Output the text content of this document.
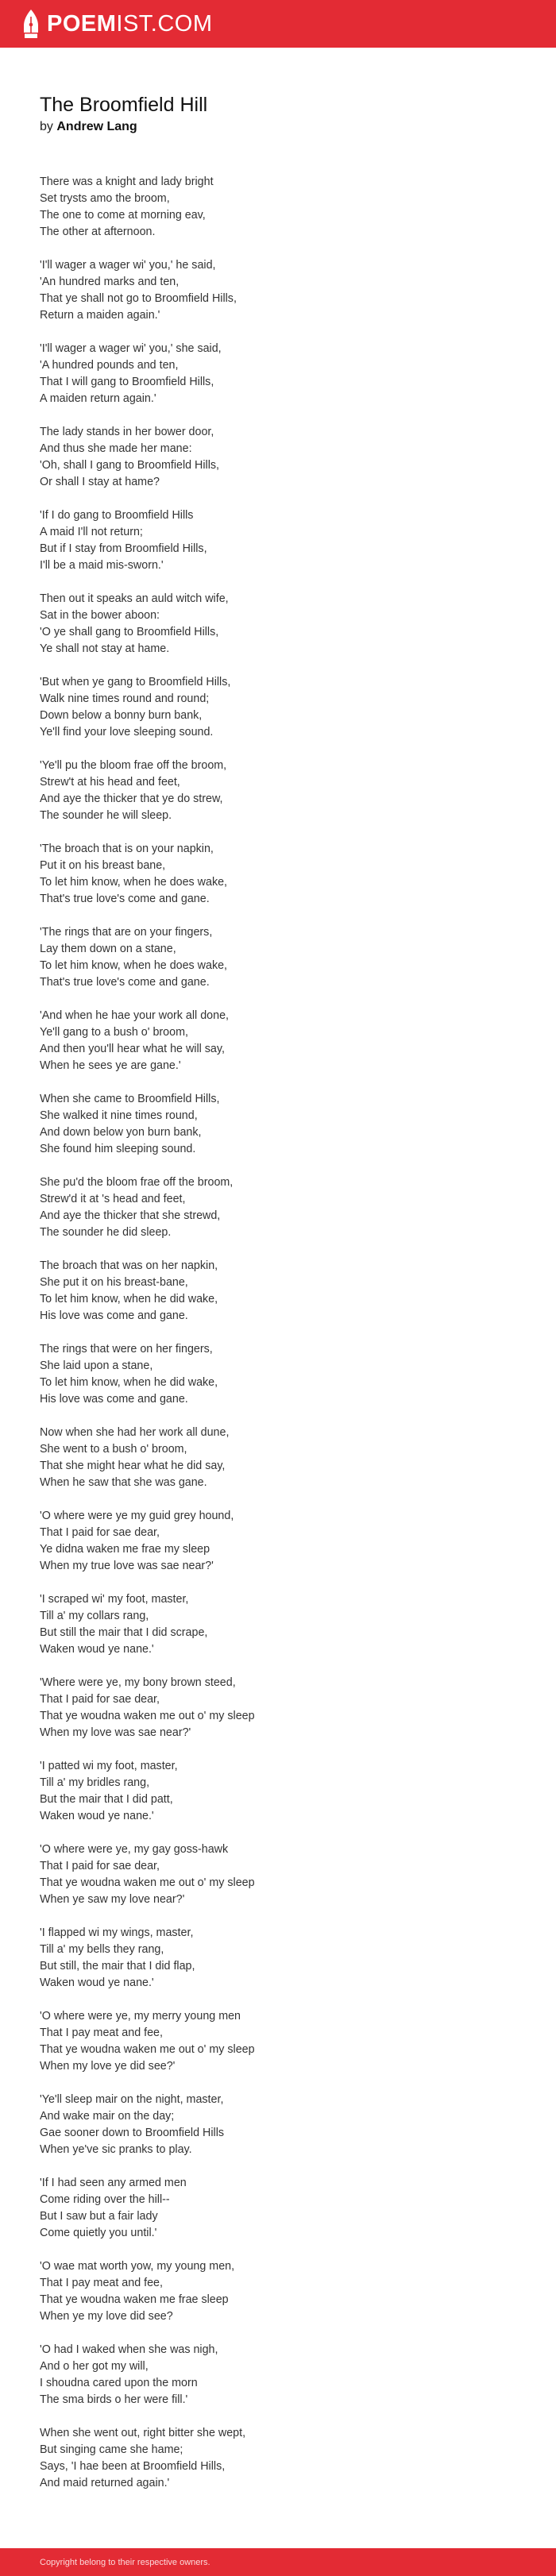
POEMIST.COM
The Broomfield Hill
by Andrew Lang
There was a knight and lady bright
Set trysts amo the broom,
The one to come at morning eav,
The other at afternoon.
'I'll wager a wager wi' you,' he said,
'An hundred marks and ten,
That ye shall not go to Broomfield Hills,
Return a maiden again.'
'I'll wager a wager wi' you,' she said,
'A hundred pounds and ten,
That I will gang to Broomfield Hills,
A maiden return again.'
The lady stands in her bower door,
And thus she made her mane:
'Oh, shall I gang to Broomfield Hills,
Or shall I stay at hame?
'If I do gang to Broomfield Hills
A maid I'll not return;
But if I stay from Broomfield Hills,
I'll be a maid mis-sworn.'
Then out it speaks an auld witch wife,
Sat in the bower aboon:
'O ye shall gang to Broomfield Hills,
Ye shall not stay at hame.
'But when ye gang to Broomfield Hills,
Walk nine times round and round;
Down below a bonny burn bank,
Ye'll find your love sleeping sound.
'Ye'll pu the bloom frae off the broom,
Strew't at his head and feet,
And aye the thicker that ye do strew,
The sounder he will sleep.
'The broach that is on your napkin,
Put it on his breast bane,
To let him know, when he does wake,
That's true love's come and gane.
'The rings that are on your fingers,
Lay them down on a stane,
To let him know, when he does wake,
That's true love's come and gane.
'And when he hae your work all done,
Ye'll gang to a bush o' broom,
And then you'll hear what he will say,
When he sees ye are gane.'
When she came to Broomfield Hills,
She walked it nine times round,
And down below yon burn bank,
She found him sleeping sound.
She pu'd the bloom frae off the broom,
Strew'd it at 's head and feet,
And aye the thicker that she strewd,
The sounder he did sleep.
The broach that was on her napkin,
She put it on his breast-bane,
To let him know, when he did wake,
His love was come and gane.
The rings that were on her fingers,
She laid upon a stane,
To let him know, when he did wake,
His love was come and gane.
Now when she had her work all dune,
She went to a bush o' broom,
That she might hear what he did say,
When he saw that she was gane.
'O where were ye my guid grey hound,
That I paid for sae dear,
Ye didna waken me frae my sleep
When my true love was sae near?'
'I scraped wi' my foot, master,
Till a' my collars rang,
But still the mair that I did scrape,
Waken woud ye nane.'
'Where were ye, my bony brown steed,
That I paid for sae dear,
That ye woudna waken me out o' my sleep
When my love was sae near?'
'I patted wi my foot, master,
Till a' my bridles rang,
But the mair that I did patt,
Waken woud ye nane.'
'O where were ye, my gay goss-hawk
That I paid for sae dear,
That ye woudna waken me out o' my sleep
When ye saw my love near?'
'I flapped wi my wings, master,
Till a' my bells they rang,
But still, the mair that I did flap,
Waken woud ye nane.'
'O where were ye, my merry young men
That I pay meat and fee,
That ye woudna waken me out o' my sleep
When my love ye did see?'
'Ye'll sleep mair on the night, master,
And wake mair on the day;
Gae sooner down to Broomfield Hills
When ye've sic pranks to play.
'If I had seen any armed men
Come riding over the hill--
But I saw but a fair lady
Come quietly you until.'
'O wae mat worth yow, my young men,
That I pay meat and fee,
That ye woudna waken me frae sleep
When ye my love did see?
'O had I waked when she was nigh,
And o her got my will,
I shoudna cared upon the morn
The sma birds o her were fill.'
When she went out, right bitter she wept,
But singing came she hame;
Says, 'I hae been at Broomfield Hills,
And maid returned again.'
Copyright belong to their respective owners.
